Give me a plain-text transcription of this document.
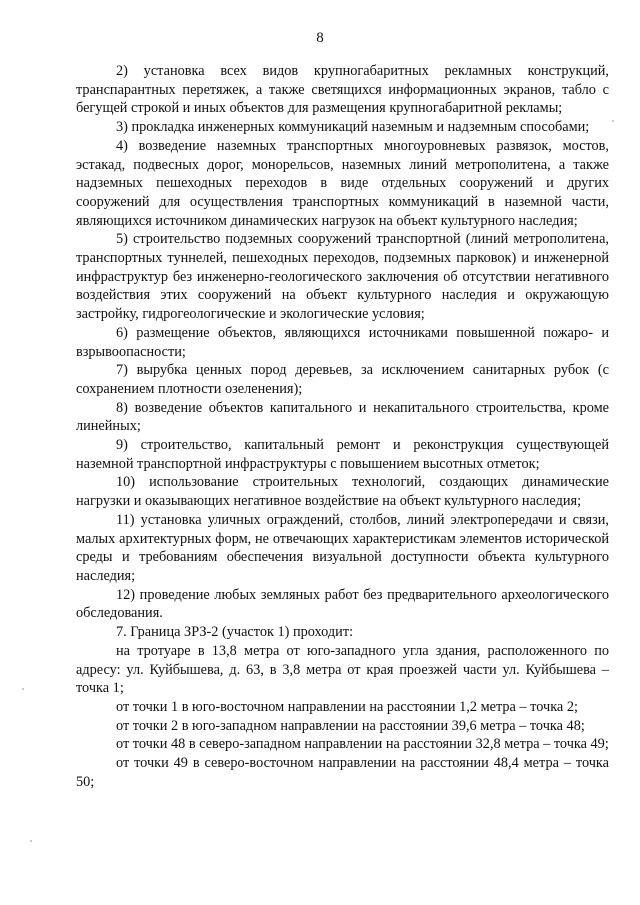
8

2) установка всех видов крупногабаритных рекламных конструкций, транспарантных перетяжек, а также светящихся информационных экранов, табло с бегущей строкой и иных объектов для размещения крупногабаритной рекламы;

3) прокладка инженерных коммуникаций наземным и надземным способами;

4) возведение наземных транспортных многоуровневых развязок, мостов, эстакад, подвесных дорог, монорельсов, наземных линий метрополитена, а также надземных пешеходных переходов в виде отдельных сооружений и других сооружений для осуществления транспортных коммуникаций в наземной части, являющихся источником динамических нагрузок на объект культурного наследия;

5) строительство подземных сооружений транспортной (линий метрополитена, транспортных туннелей, пешеходных переходов, подземных парковок) и инженерной инфраструктур без инженерно-геологического заключения об отсутствии негативного воздействия этих сооружений на объект культурного наследия и окружающую застройку, гидрогеологические и экологические условия;

6) размещение объектов, являющихся источниками повышенной пожаро- и взрывоопасности;

7) вырубка ценных пород деревьев, за исключением санитарных рубок (с сохранением плотности озеленения);

8) возведение объектов капитального и некапитального строительства, кроме линейных;

9) строительство, капитальный ремонт и реконструкция существующей наземной транспортной инфраструктуры с повышением высотных отметок;

10) использование строительных технологий, создающих динамические нагрузки и оказывающих негативное воздействие на объект культурного наследия;

11) установка уличных ограждений, столбов, линий электропередачи и связи, малых архитектурных форм, не отвечающих характеристикам элементов исторической среды и требованиям обеспечения визуальной доступности объекта культурного наследия;

12) проведение любых земляных работ без предварительного археологического обследования.

7. Граница ЗРЗ-2 (участок 1) проходит:

на тротуаре в 13,8 метра от юго-западного угла здания, расположенного по адресу: ул. Куйбышева, д. 63, в 3,8 метра от края проезжей части ул. Куйбышева – точка 1;

от точки 1 в юго-восточном направлении на расстоянии 1,2 метра – точка 2;

от точки 2 в юго-западном направлении на расстоянии 39,6 метра – точка 48;

от точки 48 в северо-западном направлении на расстоянии 32,8 метра – точка 49;

от точки 49 в северо-восточном направлении на расстоянии 48,4 метра – точка 50;
